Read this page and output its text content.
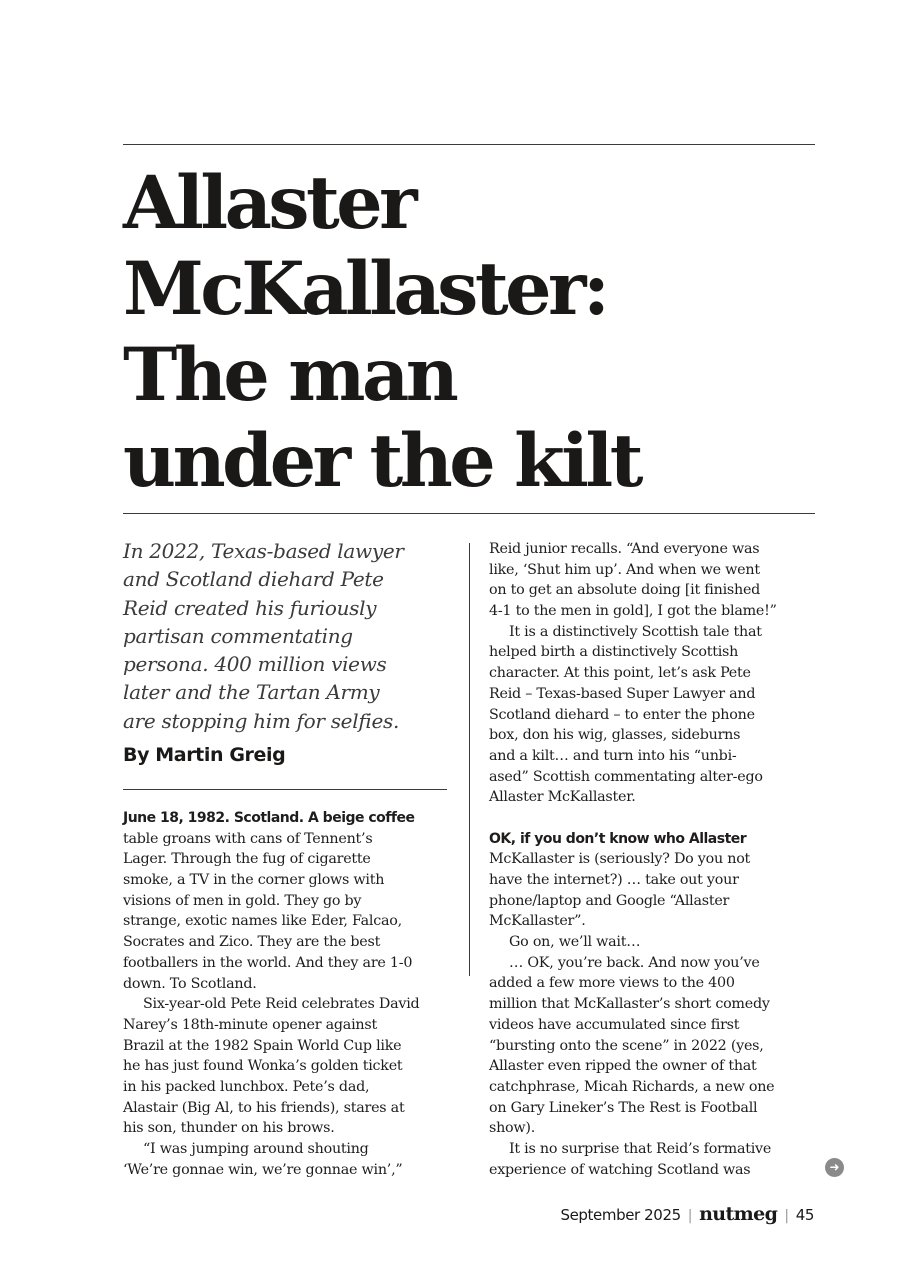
Allaster
McKallaster:
The man
under the kilt
In 2022, Texas-based lawyer
and Scotland diehard Pete
Reid created his furiously
partisan commentating
persona. 400 million views
later and the Tartan Army
are stopping him for selfies.
By Martin Greig
June 18, 1982. Scotland. A beige coffee
table groans with cans of Tennent’s
Lager. Through the fug of cigarette
smoke, a TV in the corner glows with
visions of men in gold. They go by
strange, exotic names like Eder, Falcao,
Socrates and Zico. They are the best
footballers in the world. And they are 1-0
down. To Scotland.
Six-year-old Pete Reid celebrates David
Narey’s 18th-minute opener against
Brazil at the 1982 Spain World Cup like
he has just found Wonka’s golden ticket
in his packed lunchbox. Pete’s dad,
Alastair (Big Al, to his friends), stares at
his son, thunder on his brows.
“I was jumping around shouting
‘We’re gonnae win, we’re gonnae win’,”
Reid junior recalls. “And everyone was
like, ‘Shut him up’. And when we went
on to get an absolute doing [it finished
4-1 to the men in gold], I got the blame!”
It is a distinctively Scottish tale that
helped birth a distinctively Scottish
character. At this point, let’s ask Pete
Reid – Texas-based Super Lawyer and
Scotland diehard – to enter the phone
box, don his wig, glasses, sideburns
and a kilt… and turn into his “unbi-
ased” Scottish commentating alter-ego
Allaster McKallaster.
OK, if you don’t know who Allaster
McKallaster is (seriously? Do you not
have the internet?) … take out your
phone/laptop and Google “Allaster
McKallaster”.
Go on, we’ll wait…
… OK, you’re back. And now you’ve
added a few more views to the 400
million that McKallaster’s short comedy
videos have accumulated since first
“bursting onto the scene” in 2022 (yes,
Allaster even ripped the owner of that
catchphrase, Micah Richards, a new one
on Gary Lineker’s The Rest is Football
show).
It is no surprise that Reid’s formative
experience of watching Scotland was	➜
September 2025 | nutmeg | 45
